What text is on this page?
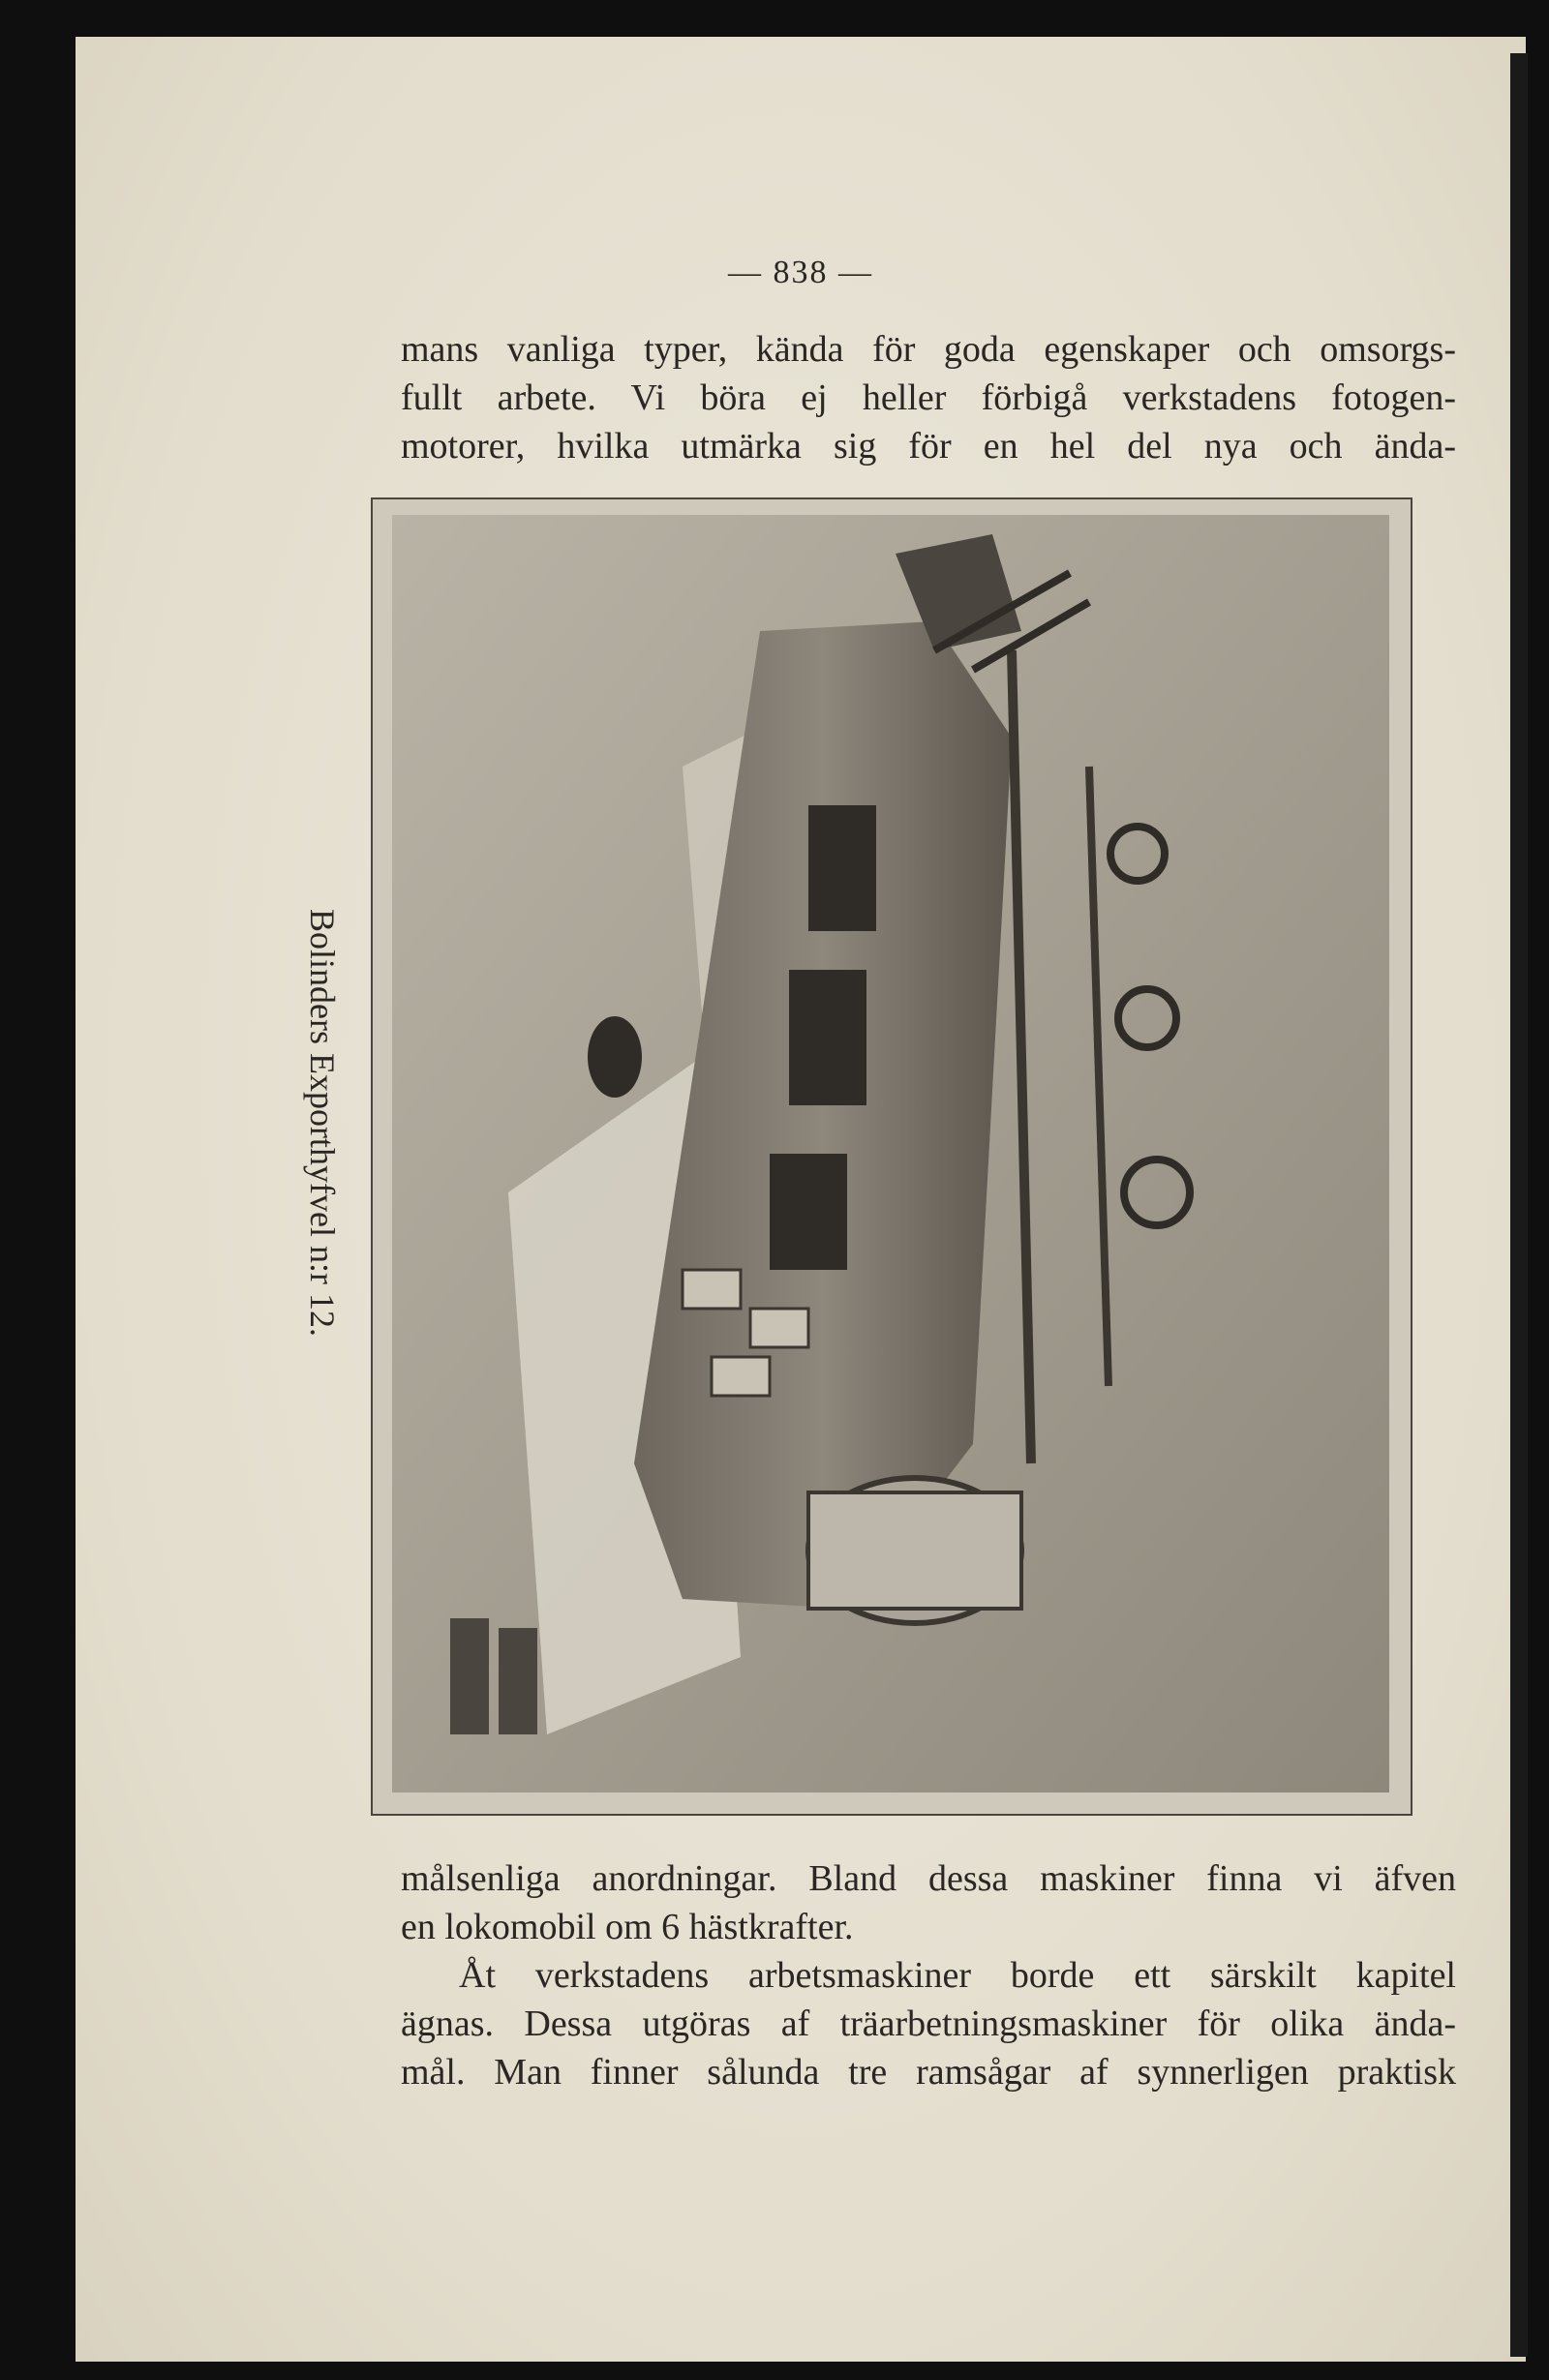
— 838 —
mans vanliga typer, kända för goda egenskaper och omsorgs-
fullt arbete. Vi böra ej heller förbigå verkstadens fotogen-
motorer, hvilka utmärka sig för en hel del nya och ända-
Bolinders Exporthyfvel n:r 12.
målsenliga anordningar. Bland dessa maskiner finna vi äfven
en lokomobil om 6 hästkrafter.
Åt verkstadens arbetsmaskiner borde ett särskilt kapitel
ägnas. Dessa utgöras af träarbetningsmaskiner för olika ända-
mål. Man finner sålunda tre ramsågar af synnerligen praktisk
